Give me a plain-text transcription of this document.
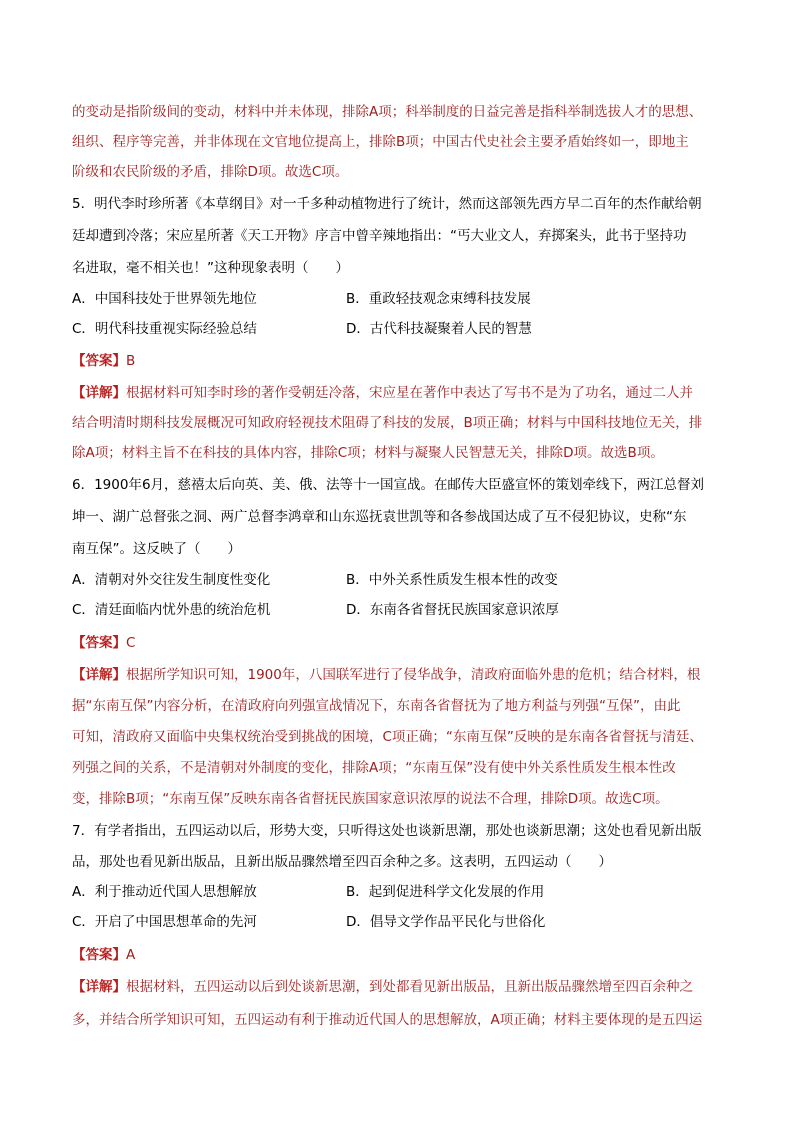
的变动是指阶级间的变动，材料中并未体现，排除A项；科举制度的日益完善是指科举制选拔人才的思想、
组织、程序等完善，并非体现在文官地位提高上，排除B项；中国古代史社会主要矛盾始终如一，即地主
阶级和农民阶级的矛盾，排除D项。故选C项。
5．明代李时珍所著《本草纲目》对一千多种动植物进行了统计，然而这部领先西方早二百年的杰作献给朝
廷却遭到冷落；宋应星所著《天工开物》序言中曾辛辣地指出：“丐大业文人，弃掷案头，此书于坚持功
名进取，毫不相关也！”这种现象表明（　　）
A．中国科技处于世界领先地位	B．重政轻技观念束缚科技发展
C．明代科技重视实际经验总结	D．古代科技凝聚着人民的智慧
【答案】B
【详解】根据材料可知李时珍的著作受朝廷冷落，宋应星在著作中表达了写书不是为了功名，通过二人并
结合明清时期科技发展概况可知政府轻视技术阻碍了科技的发展，B项正确；材料与中国科技地位无关，排
除A项；材料主旨不在科技的具体内容，排除C项；材料与凝聚人民智慧无关，排除D项。故选B项。
6．1900年6月，慈禧太后向英、美、俄、法等十一国宣战。在邮传大臣盛宣怀的策划牵线下，两江总督刘
坤一、湖广总督张之洞、两广总督李鸿章和山东巡抚袁世凯等和各参战国达成了互不侵犯协议，史称“东
南互保”。这反映了（　　）
A．清朝对外交往发生制度性变化	B．中外关系性质发生根本性的改变
C．清廷面临内忧外患的统治危机	D．东南各省督抚民族国家意识浓厚
【答案】C
【详解】根据所学知识可知，1900年，八国联军进行了侵华战争，清政府面临外患的危机；结合材料，根
据“东南互保”内容分析，在清政府向列强宣战情况下，东南各省督抚为了地方利益与列强“互保”，由此
可知，清政府又面临中央集权统治受到挑战的困境，C项正确；“东南互保”反映的是东南各省督抚与清廷、
列强之间的关系，不是清朝对外制度的变化，排除A项；“东南互保”没有使中外关系性质发生根本性改
变，排除B项；“东南互保”反映东南各省督抚民族国家意识浓厚的说法不合理，排除D项。故选C项。
7．有学者指出，五四运动以后，形势大变，只听得这处也谈新思潮，那处也谈新思潮；这处也看见新出版
品，那处也看见新出版品，且新出版品骤然增至四百余种之多。这表明，五四运动（　　）
A．利于推动近代国人思想解放	B．起到促进科学文化发展的作用
C．开启了中国思想革命的先河	D．倡导文学作品平民化与世俗化
【答案】A
【详解】根据材料，五四运动以后到处谈新思潮，到处都看见新出版品，且新出版品骤然增至四百余种之
多，并结合所学知识可知，五四运动有利于推动近代国人的思想解放，A项正确；材料主要体现的是五四运
